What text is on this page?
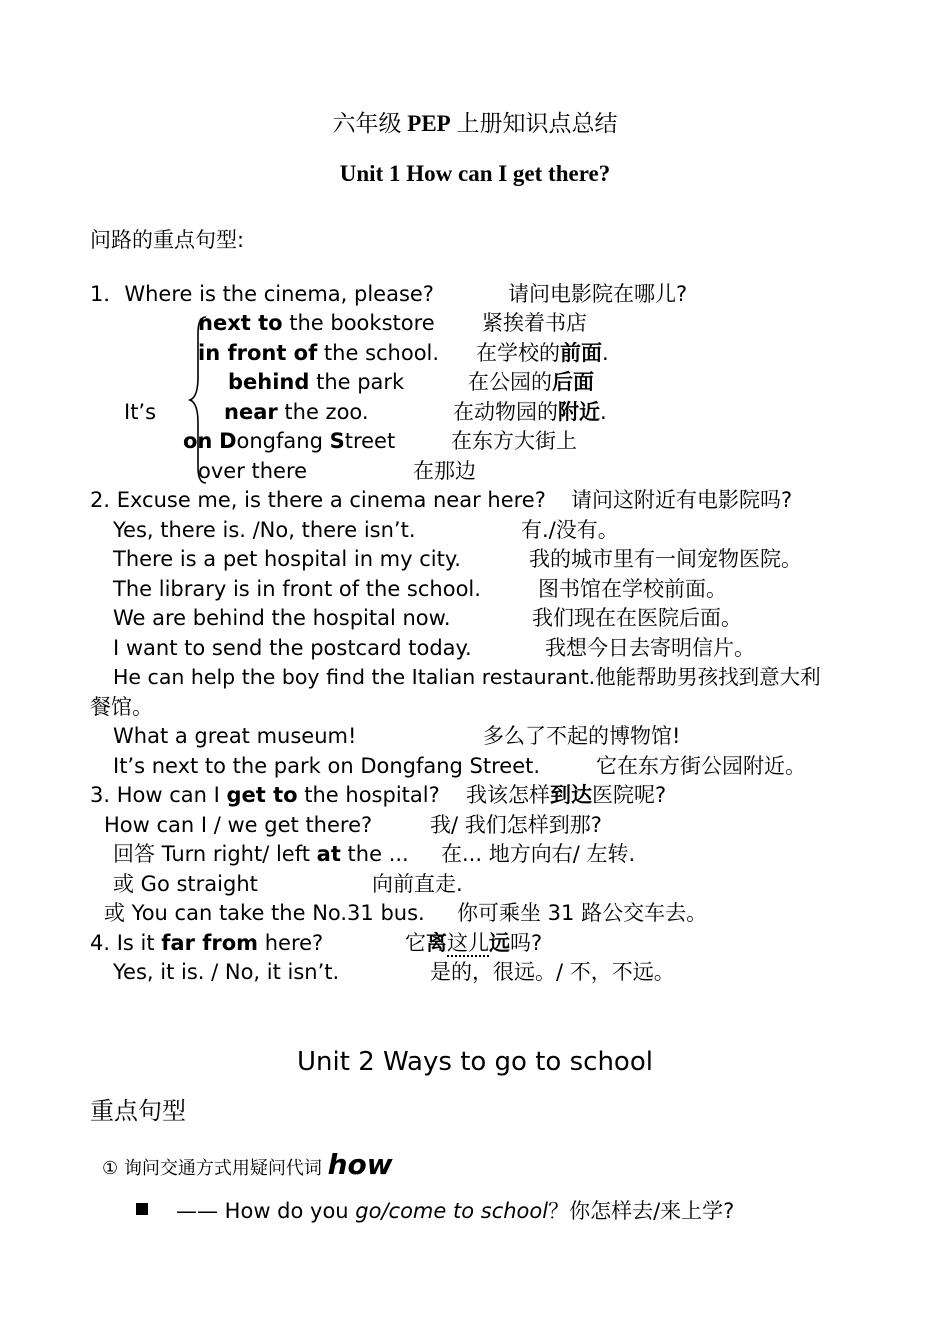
六年级 PEP 上册知识点总结
Unit 1 How can I get there?
问路的重点句型:
1．Where is the cinema, please?	请问电影院在哪儿?
It’s
next to the bookstore 紧挨着书店
in front of the school. 在学校的前面.
behind the park	在公园的后面
near the zoo.	在动物园的附近.
on Dongfang Street	在东方大街上
over there	在那边
2. Excuse me, is there a cinema near here? 请问这附近有电影院吗?
Yes, there is. /No, there isn’t.	有./没有。
There is a pet hospital in my city.	我的城市里有一间宠物医院。
The library is in front of the school.	图书馆在学校前面。
We are behind the hospital now.	我们现在在医院后面。
I want to send the postcard today.	我想今日去寄明信片。
He can help the boy find the Italian restaurant.他能帮助男孩找到意大利
餐馆。
What a great museum!	多么了不起的博物馆!
It’s next to the park on Dongfang Street.	它在东方街公园附近。
3. How can I get to the hospital? 我该怎样到达医院呢?
How can I / we get there?	我/ 我们怎样到那?
回答 Turn right/ left at the ... 在... 地方向右/ 左转.
或 Go straight	向前直走.
或 You can take the No.31 bus. 你可乘坐 31 路公交车去。
4. Is it far from here?	它离这儿远吗?
Yes, it is. / No, it isn’t.	是的，很远。/ 不，不远。
Unit 2 Ways to go to school
重点句型
① 询问交通方式用疑问代词 how
—— How do you go/come to school？你怎样去/来上学?
